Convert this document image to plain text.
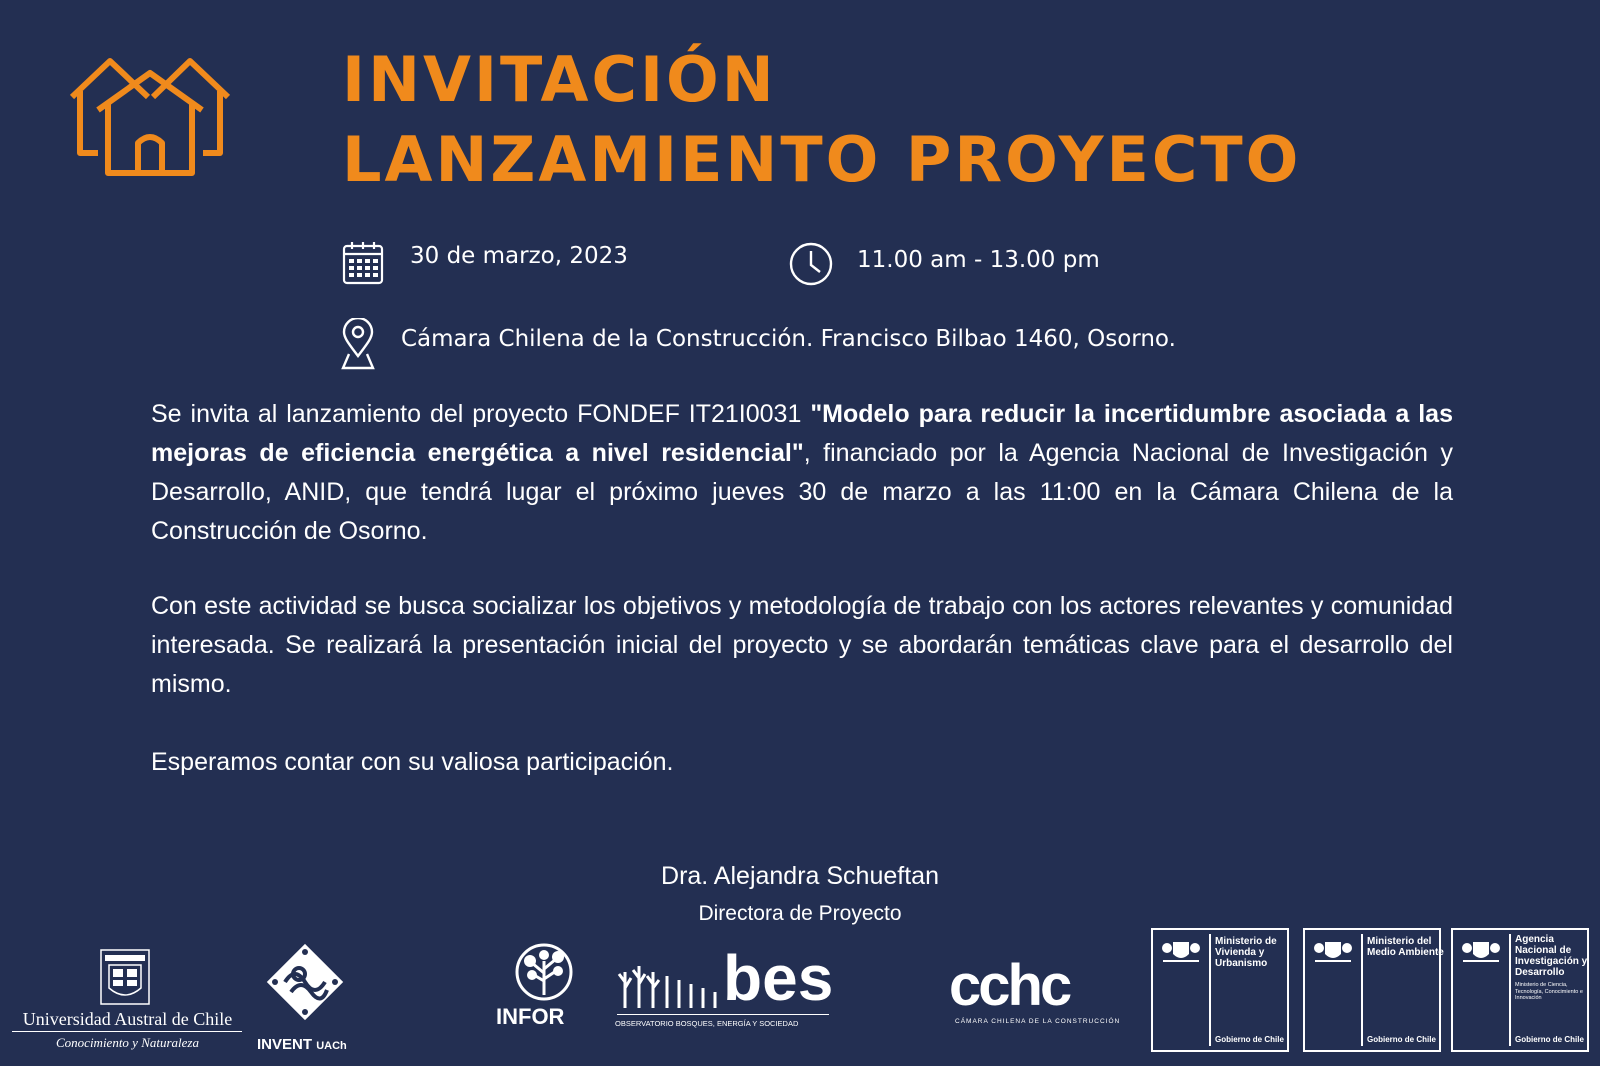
INVITACIÓN
LANZAMIENTO PROYECTO
30 de marzo, 2023	11.00 am - 13.00 pm
Cámara Chilena de la Construcción. Francisco Bilbao 1460, Osorno.

Se invita al lanzamiento del proyecto FONDEF IT21I0031 "Modelo para reducir la incertidumbre asociada a las mejoras de eficiencia energética a nivel residencial", financiado por la Agencia Nacional de Investigación y Desarrollo, ANID, que tendrá lugar el próximo jueves 30 de marzo a las 11:00 en la Cámara Chilena de la Construcción de Osorno.

Con este actividad se busca socializar los objetivos y metodología de trabajo con los actores relevantes y comunidad interesada. Se realizará la presentación inicial del proyecto y se abordarán temáticas clave para el desarrollo del mismo.

Esperamos contar con su valiosa participación.

Dra. Alejandra Schueftan
Directora de Proyecto
Universidad Austral de Chile
Conocimiento y Naturaleza	INVENT UACh
INFOR
bes
OBSERVATORIO BOSQUES, ENERGÍA Y SOCIEDAD
cchc
CÁMARA CHILENA DE LA CONSTRUCCIÓN
Ministerio de Vivienda y Urbanismo
Gobierno de Chile
Ministerio del Medio Ambiente
Gobierno de Chile
Agencia Nacional de Investigación y Desarrollo
Ministerio de Ciencia, Tecnología, Conocimiento e Innovación
Gobierno de Chile
